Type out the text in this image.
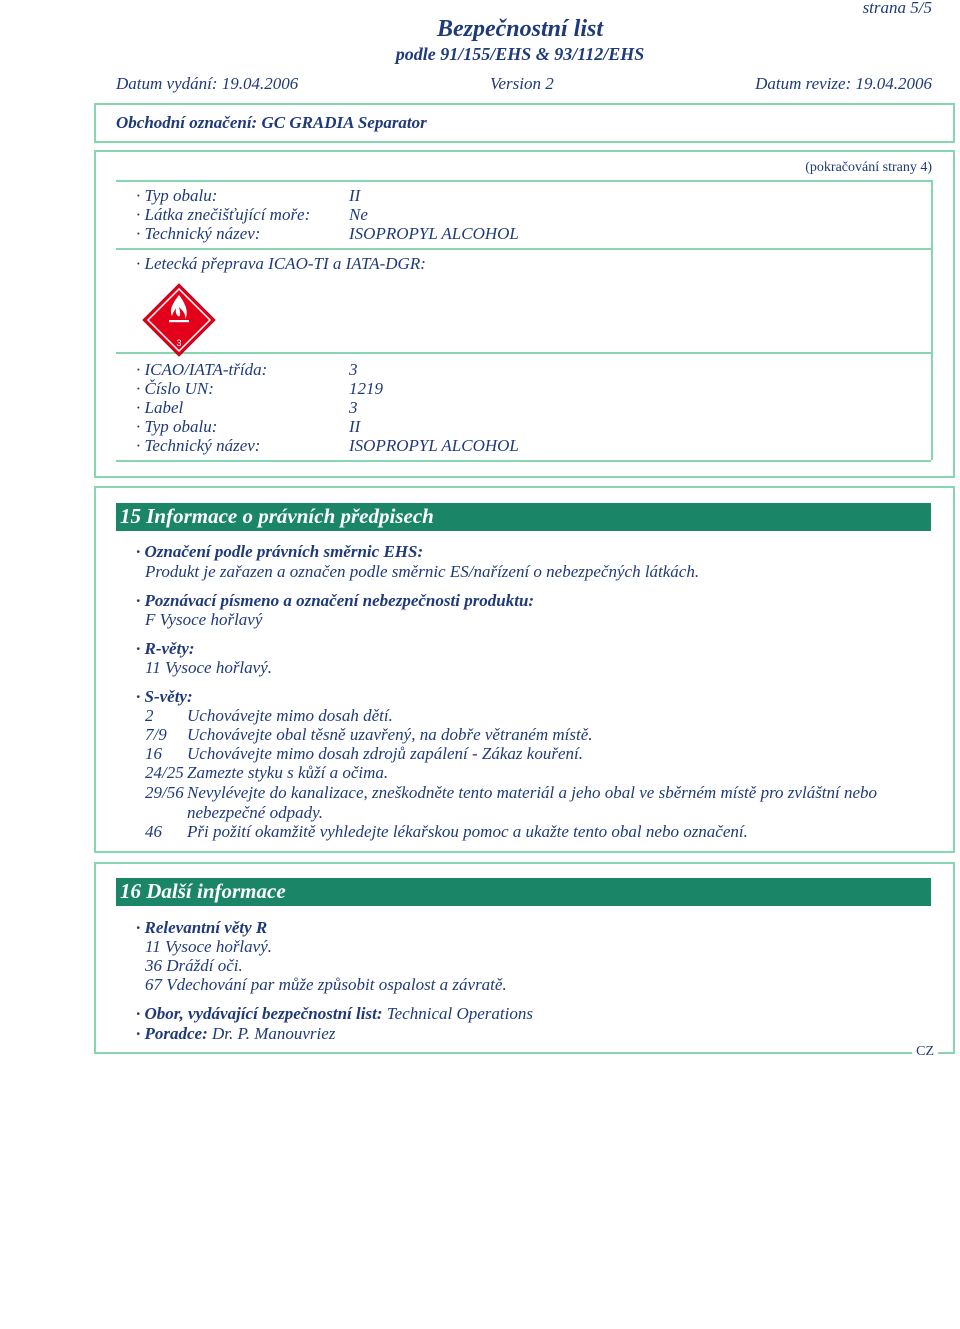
strana 5/5
Bezpečnostní list
podle 91/155/EHS & 93/112/EHS
Datum vydání: 19.04.2006	Version 2	Datum revize: 19.04.2006
Obchodní označení: GC GRADIA Separator
(pokračování strany 4)
· Typ obalu:	II
· Látka znečišťující moře: Ne
· Technický název:	ISOPROPYL ALCOHOL
· Letecká přeprava ICAO-TI a IATA-DGR:
3
· ICAO/IATA-třída:	3
· Číslo UN:	1219
· Label	3
· Typ obalu:	II
· Technický název:	ISOPROPYL ALCOHOL
15 Informace o právních předpisech
· Označení podle právních směrnic EHS:
Produkt je zařazen a označen podle směrnic ES/nařízení o nebezpečných látkách.
· Poznávací písmeno a označení nebezpečnosti produktu:
F Vysoce hořlavý
· R-věty:
11 Vysoce hořlavý.
· S-věty:
2 Uchovávejte mimo dosah dětí.
7/9 Uchovávejte obal těsně uzavřený, na dobře větraném místě.
16 Uchovávejte mimo dosah zdrojů zapálení - Zákaz kouření.
24/25 Zamezte styku s kůží a očima.
29/56 Nevylévejte do kanalizace, zneškodněte tento materiál a jeho obal ve sběrném místě pro zvláštní nebo nebezpečné odpady.
46 Při požití okamžitě vyhledejte lékařskou pomoc a ukažte tento obal nebo označení.
16 Další informace
· Relevantní věty R
11 Vysoce hořlavý.
36 Dráždí oči.
67 Vdechování par může způsobit ospalost a závratě.
· Obor, vydávající bezpečnostní list: Technical Operations
· Poradce: Dr. P. Manouvriez
CZ
